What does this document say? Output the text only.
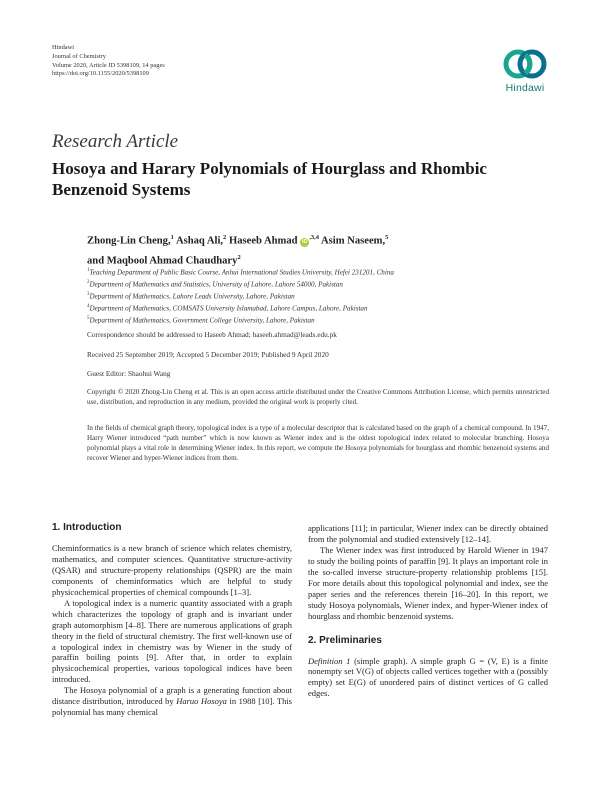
Hindawi
Journal of Chemistry
Volume 2020, Article ID 5398109, 14 pages
https://doi.org/10.1155/2020/5398109
Hindawi
Research Article
Hosoya and Harary Polynomials of Hourglass and Rhombic Benzenoid Systems
Zhong-Lin Cheng,$^1$ Ashaq Ali,$^2$ Haseeb Ahmad $iD^{,3,4}$ Asim Naseem,$^5$
and Maqbool Ahmad Chaudhary$^2$
$^1$Teaching Department of Public Basic Course, Anhui International Studies University, Hefei 231201, China
$^2$Department of Mathematics and Statistics, University of Lahore, Lahore 54000, Pakistan
$^3$Department of Mathematics, Lahore Leads University, Lahore, Pakistan
$^4$Department of Mathematics, COMSATS University Islamabad, Lahore Campus, Lahore, Pakistan
$^5$Department of Mathematics, Government College University, Lahore, Pakistan
Correspondence should be addressed to Haseeb Ahmad; haseeb.ahmad@leads.edu.pk
Received 25 September 2019; Accepted 5 December 2019; Published 9 April 2020
Guest Editor: Shaohui Wang
Copyright © 2020 Zhong-Lin Cheng et al. This is an open access article distributed under the Creative Commons Attribution License, which permits unrestricted use, distribution, and reproduction in any medium, provided the original work is properly cited.
In the fields of chemical graph theory, topological index is a type of a molecular descriptor that is calculated based on the graph of a chemical compound. In 1947, Harry Wiener introduced “path number” which is now known as Wiener index and is the oldest topological index related to molecular branching. Hosoya polynomial plays a vital role in determining Wiener index. In this report, we compute the Hosoya polynomials for hourglass and rhombic benzenoid systems and recover Wiener and hyper-Wiener indices from them.
1. Introduction

Cheminformatics is a new branch of science which relates chemistry, mathematics, and computer sciences. Quantitative structure-activity (QSAR) and structure-property relationships (QSPR) are the main components of cheminformatics which are helpful to study physicochemical properties of chemical compounds [1–3].

A topological index is a numeric quantity associated with a graph which characterizes the topology of graph and is invariant under graph automorphism [4–8]. There are numerous applications of graph theory in the field of structural chemistry. The first well-known use of a topological index in chemistry was by Wiener in the study of paraffin boiling points [9]. After that, in order to explain physicochemical properties, various topological indices have been introduced.

The Hosoya polynomial of a graph is a generating function about distance distribution, introduced by Haruo Hosoya in 1988 [10]. This polynomial has many chemical

applications [11]; in particular, Wiener index can be directly obtained from the polynomial and studied extensively [12–14].

The Wiener index was first introduced by Harold Wiener in 1947 to study the boiling points of paraffin [9]. It plays an important role in the so-called inverse structure-property relationship problems [15]. For more details about this topological polynomial and index, see the paper series and the references therein [16–20]. In this report, we study Hosoya polynomials, Wiener index, and hyper-Wiener index of hourglass and rhombic benzenoid systems.

2. Preliminaries

Definition 1 (simple graph). A simple graph G = (V, E) is a finite nonempty set V(G) of objects called vertices together with a (possibly empty) set E(G) of unordered pairs of distinct vertices of G called edges.
